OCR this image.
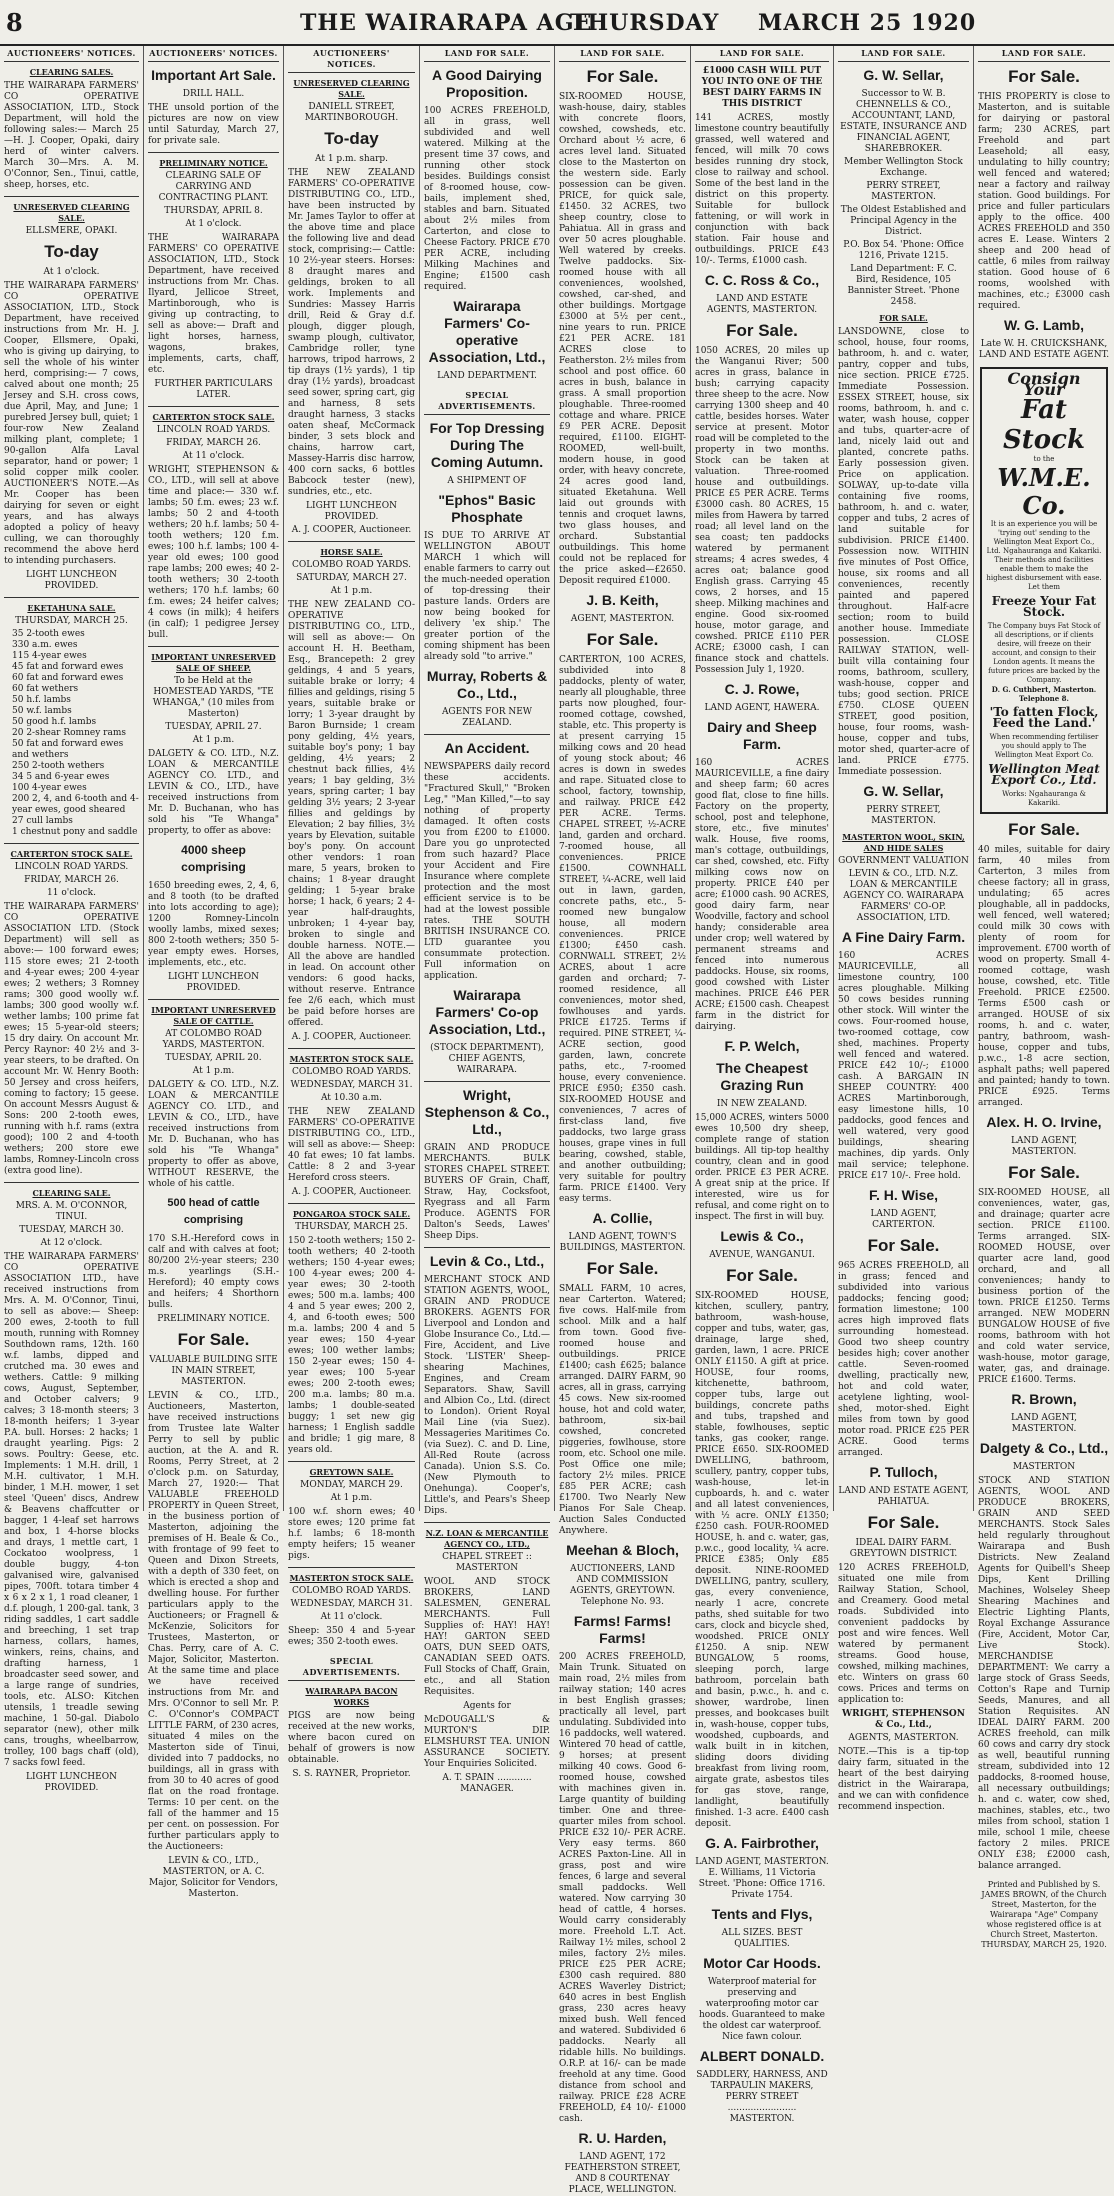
8	THE WAIRARAPA AGE
THURSDAY MARCH 25 1920
AUCTIONEERS' NOTICES.
CLEARING SALES.
THE WAIRARAPA FARMERS' CO OPERATIVE ASSOCIATION, LTD., Stock Department, will hold the following sales:— March 25—H. J. Cooper, Opaki, dairy herd of winter calvers. March 30—Mrs. A. M. O'Connor, Sen., Tinui, cattle, sheep, horses, etc.
UNRESERVED CLEARING SALE.
ELLSMERE, OPAKI.
To-day
At 1 o'clock.
THE WAIRARAPA FARMERS' CO OPERATIVE ASSOCIATION, LTD., Stock Department, have received instructions from Mr. H. J. Cooper, Ellsmere, Opaki, who is giving up dairying, to sell the whole of his winter herd, comprising:— 7 cows, calved about one month; 25 Jersey and S.H. cross cows, due April, May, and June; 1 purebred Jersey bull, quiet; 1 four-row New Zealand milking plant, complete; 1 90-gallon Alfa Laval separator, hand or power; 1 solid copper milk cooler. AUCTIONEER'S NOTE.—As Mr. Cooper has been dairying for seven or eight years, and has always adopted a policy of heavy culling, we can thoroughly recommend the above herd to intending purchasers.
LIGHT LUNCHEON PROVIDED.
EKETAHUNA SALE.
THURSDAY, MARCH 25.
35 2-tooth ewes
330 a.m. ewes
115 4-year ewes
45 fat and forward ewes
60 fat and forward ewes
60 fat wethers
50 h.f. lambs
50 w.f. lambs
50 good h.f. lambs
20 2-shear Romney rams
50 fat and forward ewes and wethers
250 2-tooth wethers
34 5 and 6-year ewes
100 4-year ewes
200 2, 4, and 6-tooth and 4-year ewes, good sheared
27 cull lambs
1 chestnut pony and saddle
CARTERTON STOCK SALE.
LINCOLN ROAD YARDS.
FRIDAY, MARCH 26.
11 o'clock.
THE WAIRARAPA FARMERS' CO OPERATIVE ASSOCIATION LTD. (Stock Department) will sell as above:— 100 forward ewes; 115 store ewes; 21 2-tooth and 4-year ewes; 200 4-year ewes; 2 wethers; 3 Romney rams; 300 good woolly w.f. lambs; 300 good woolly w.f. wether lambs; 100 prime fat ewes; 15 5-year-old steers; 15 dry dairy. On account Mr. Percy Raynor: 40 2½ and 3-year steers, to be drafted. On account Mr. W. Henry Booth: 50 Jersey and cross heifers, coming to factory; 15 geese. On account Messrs August & Sons: 200 2-tooth ewes, running with h.f. rams (extra good); 100 2 and 4-tooth wethers; 200 store ewe lambs, Romney-Lincoln cross (extra good line).
CLEARING SALE.
MRS. A. M. O'CONNOR, TINUI.
TUESDAY, MARCH 30.
At 12 o'clock.
THE WAIRARAPA FARMERS' CO OPERATIVE ASSOCIATION LTD., have received instructions from Mrs. A. M. O'Connor, Tinui, to sell as above:— Sheep: 200 ewes, 2-tooth to full mouth, running with Romney Southdown rams, 12th. 160 w.f. lambs, dipped and crutched ma. 30 ewes and wethers. Cattle: 9 milking cows, August, September, and October calvers; 9 calves; 3 18-month steers; 3 18-month heifers; 1 3-year P.A. bull. Horses: 2 hacks; 1 draught yearling. Pigs: 2 sows. Poultry: Geese, etc. Implements: 1 M.H. drill, 1 M.H. cultivator, 1 M.H. binder, 1 M.H. mower, 1 set steel 'Queen' discs, Andrew & Beavens chaffcutter or bagger, 1 4-leaf set harrows and box, 1 4-horse blocks and drays, 1 mettle cart, 1 Cockatoo woolpress, 1 double buggy, 4-ton galvanised wire, galvanised pipes, 700ft. totara timber 4 x 6 x 2 x 1, 1 road cleaner, 1 d.f. plough, 1 200-gal. tank, 3 riding saddles, 1 cart saddle and breeching, 1 set trap harness, collars, hames, winkers, reins, chains, and drafting harness, 1 broadcaster seed sower, and a large range of sundries, tools, etc. ALSO: Kitchen utensils, 1 treadle sewing machine, 1 50-gal. Diabolo separator (new), other milk cans, troughs, wheelbarrow, trolley, 100 bags chaff (old), 7 sacks fowl feed.
LIGHT LUNCHEON PROVIDED.
AUCTIONEERS' NOTICES.
Important Art Sale.
DRILL HALL.
THE unsold portion of the pictures are now on view until Saturday, March 27, for private sale.
PRELIMINARY NOTICE.
CLEARING SALE OF CARRYING AND CONTRACTING PLANT.
THURSDAY, APRIL 8.
At 1 o'clock.
THE WAIRARAPA FARMERS' CO OPERATIVE ASSOCIATION, LTD., Stock Department, have received instructions from Mr. Chas. Ilyard, Jellicoe Street, Martinborough, who is giving up contracting, to sell as above:— Draft and light horses, harness, wagons, brakes, implements, carts, chaff, etc.
FURTHER PARTICULARS LATER.
CARTERTON STOCK SALE.
LINCOLN ROAD YARDS.
FRIDAY, MARCH 26.
At 11 o'clock.
WRIGHT, STEPHENSON & CO., LTD., will sell at above time and place:— 330 w.f. lambs; 50 f.m. ewes; 23 w.f. lambs; 50 2 and 4-tooth wethers; 20 h.f. lambs; 50 4-tooth wethers; 120 f.m. ewes; 100 h.f. lambs; 100 4-year old ewes; 100 good rape lambs; 200 ewes; 40 2-tooth wethers; 30 2-tooth wethers; 170 h.f. lambs; 60 f.m. ewes; 24 heifer calves; 4 cows (in milk); 4 heifers (in calf); 1 pedigree Jersey bull.
IMPORTANT UNRESERVED SALE OF SHEEP.
To be Held at the HOMESTEAD YARDS, "TE WHANGA," (10 miles from Masterton)
TUESDAY, APRIL 27.
At 1 p.m.
DALGETY & CO. LTD., N.Z. LOAN & MERCANTILE AGENCY CO. LTD., and LEVIN & CO., LTD., have received instructions from Mr. D. Buchanan, who has sold his "Te Whanga" property, to offer as above:
4000 sheep comprising
1650 breeding ewes, 2, 4, 6, and 8 tooth (to be drafted into lots according to age); 1200 Romney-Lincoln woolly lambs, mixed sexes; 800 2-tooth wethers; 350 5-year empty ewes. Horses, implements, etc., etc.
LIGHT LUNCHEON PROVIDED.
IMPORTANT UNRESERVED SALE OF CATTLE.
AT COLOMBO ROAD YARDS, MASTERTON.
TUESDAY, APRIL 20.
At 1 p.m.
DALGETY & CO. LTD., N.Z. LOAN & MERCANTILE AGENCY CO. LTD., and LEVIN & CO., LTD., have received instructions from Mr. D. Buchanan, who has sold his "Te Whanga" property to offer as above, WITHOUT RESERVE, the whole of his cattle.
500 head of cattle comprising
170 S.H.-Hereford cows in calf and with calves at foot; 80/200 2½-year steers; 230 m.s. yearlings (S.H.-Hereford); 40 empty cows and heifers; 4 Shorthorn bulls.
PRELIMINARY NOTICE.
For Sale.
VALUABLE BUILDING SITE IN MAIN STREET, MASTERTON.
LEVIN & CO., LTD., Auctioneers, Masterton, have received instructions from Trustee late Walter Perry to sell by public auction, at the A. and R. Rooms, Perry Street, at 2 o'clock p.m. on Saturday, March 27, 1920:— That VALUABLE FREEHOLD PROPERTY in Queen Street, in the business portion of Masterton, adjoining the premises of H. Beale & Co., with frontage of 99 feet to Queen and Dixon Streets, with a depth of 330 feet, on which is erected a shop and dwelling house. For further particulars apply to the Auctioneers; or Fragnell & McKenzie, Solicitors for Trustees, Masterton, or Chas. Perry, care of A. C. Major, Solicitor, Masterton. At the same time and place we have received instructions from Mr. and Mrs. O'Connor to sell Mr. P. C. O'Connor's COMPACT LITTLE FARM, of 230 acres, situated 4 miles on the Masterton side of Tinui, divided into 7 paddocks, no buildings, all in grass with from 30 to 40 acres of good flat on the road frontage. Terms: 10 per cent. on the fall of the hammer and 15 per cent. on possession. For further particulars apply to the Auctioneers:
LEVIN & CO., LTD., MASTERTON, or A. C. Major, Solicitor for Vendors, Masterton.
AUCTIONEERS' NOTICES.
UNRESERVED CLEARING SALE.
DANIELL STREET, MARTINBOROUGH.
To-day
At 1 p.m. sharp.
THE NEW ZEALAND FARMERS' CO-OPERATIVE DISTRIBUTING CO., LTD., have been instructed by Mr. James Taylor to offer at the above time and place the following live and dead stock, comprising:— Cattle: 10 2½-year steers. Horses: 8 draught mares and geldings, broken to all work. Implements and Sundries: Massey Harris drill, Reid & Gray d.f. plough, digger plough, swamp plough, cultivator, Cambridge roller, tyne harrows, tripod harrows, 2 tip drays (1½ yards), 1 tip dray (1½ yards), broadcast seed sower, spring cart, gig and harness, 8 sets draught harness, 3 stacks oaten sheaf, McCormack binder, 3 sets block and chains, harrow cart, Massey-Harris disc harrow, 400 corn sacks, 6 bottles Babcock tester (new), sundries, etc., etc.
LIGHT LUNCHEON PROVIDED.
A. J. COOPER, Auctioneer.
HORSE SALE.
COLOMBO ROAD YARDS.
SATURDAY, MARCH 27.
At 1 p.m.
THE NEW ZEALAND CO-OPERATIVE DISTRIBUTING CO., LTD., will sell as above:— On account H. H. Beetham, Esq., Brancepeth: 2 grey geldings, 4 and 5 years, suitable brake or lorry; 4 fillies and geldings, rising 5 years, suitable brake or lorry; 1 3-year draught by Baron Burnside; 1 cream pony gelding, 4½ years, suitable boy's pony; 1 bay gelding, 4½ years; 2 chestnut back fillies, 4½ years; 1 bay gelding, 3½ years, spring carter; 1 bay gelding 3½ years; 2 3-year fillies and geldings by Elevation; 2 bay fillies, 3½ years by Elevation, suitable boy's pony. On account other vendors: 1 roan mare, 5 years, broken to chains; 1 8-year draught gelding; 1 5-year brake horse; 1 hack, 6 years; 2 4-year half-draughts, unbroken; 1 4-year bay, broken to single and double harness. NOTE.—All the above are handled in lead. On account other vendors: 6 good hacks, without reserve. Entrance fee 2/6 each, which must be paid before horses are offered.
A. J. COOPER, Auctioneer.
MASTERTON STOCK SALE.
COLOMBO ROAD YARDS.
WEDNESDAY, MARCH 31.
At 10.30 a.m.
THE NEW ZEALAND FARMERS' CO-OPERATIVE DISTRIBUTING CO., LTD., will sell as above:— Sheep: 40 fat ewes; 10 fat lambs. Cattle: 8 2 and 3-year Hereford cross steers.
A. J. COOPER, Auctioneer.
PONGAROA STOCK SALE.
THURSDAY, MARCH 25.
150 2-tooth wethers; 150 2-tooth wethers; 40 2-tooth wethers; 150 4-year ewes; 100 4-year ewes; 200 4-year ewes; 30 2-tooth ewes; 500 m.a. lambs; 400 4 and 5 year ewes; 200 2, 4, and 6-tooth ewes; 500 m.a. lambs; 200 4 and 5 year ewes; 150 4-year ewes; 100 wether lambs; 150 2-year ewes; 150 4-year ewes; 100 5-year ewes; 200 2-tooth ewes; 200 m.a. lambs; 80 m.a. lambs; 1 double-seated buggy; 1 set new gig harness; 1 English saddle and bridle; 1 gig mare, 8 years old.
GREYTOWN SALE.
MONDAY, MARCH 29.
At 1 p.m.
100 w.f. shorn ewes; 40 store ewes; 120 prime fat h.f. lambs; 6 18-month empty heifers; 15 weaner pigs.
MASTERTON STOCK SALE.
COLOMBO ROAD YARDS.
WEDNESDAY, MARCH 31.
At 11 o'clock.
Sheep: 350 4 and 5-year ewes; 350 2-tooth ewes.
SPECIAL ADVERTISEMENTS.
WAIRARAPA BACON WORKS
PIGS are now being received at the new works, where bacon cured on behalf of growers is now obtainable.
S. S. RAYNER, Proprietor.
LAND FOR SALE.
A Good Dairying Proposition.
100 ACRES FREEHOLD, all in grass, well subdivided and well watered. Milking at the present time 37 cows, and running other stock besides. Buildings consist of 8-roomed house, cow-bails, implement shed, stables and barn. Situated about 2½ miles from Carterton, and close to Cheese Factory. PRICE £70 PER ACRE, including Milking Machines and Engine; £1500 cash required.
Wairarapa Farmers' Co-operative Association, Ltd.,
LAND DEPARTMENT.
SPECIAL ADVERTISEMENTS.
For Top Dressing During The Coming Autumn.
A SHIPMENT OF
"Ephos" Basic Phosphate
IS DUE TO ARRIVE AT WELLINGTON ABOUT MARCH 1 which will enable farmers to carry out the much-needed operation of top-dressing their pasture lands. Orders are now being booked for delivery 'ex ship.' The greater portion of the coming shipment has been already sold "to arrive."
Murray, Roberts & Co., Ltd.,
AGENTS FOR NEW ZEALAND.
An Accident.
NEWSPAPERS daily record these accidents. "Fractured Skull," "Broken Leg," "Man Killed,"—to say nothing of property damaged. It often costs you from £200 to £1000. Dare you go unprotected from such hazard? Place your Accident and Fire Insurance where complete protection and the most efficient service is to be had at the lowest possible rates. THE SOUTH BRITISH INSURANCE CO. LTD guarantee you consummate protection. Full information on application.
Wairarapa Farmers' Co-op Association, Ltd.,
(STOCK DEPARTMENT), CHIEF AGENTS, WAIRARAPA.
Wright, Stephenson & Co., Ltd.,
GRAIN AND PRODUCE MERCHANTS. BULK STORES CHAPEL STREET. BUYERS OF Grain, Chaff, Straw, Hay, Cocksfoot, Ryegrass and all Farm Produce. AGENTS FOR Dalton's Seeds, Lawes' Sheep Dips.
Levin & Co., Ltd.,
MERCHANT STOCK AND STATION AGENTS, WOOL, GRAIN AND PRODUCE BROKERS. AGENTS FOR Liverpool and London and Globe Insurance Co., Ltd.—Fire, Accident, and Live Stock. 'LISTER' Sheep-shearing Machines, Engines, and Cream Separators. Shaw, Savill and Albion Co., Ltd. (direct to London). Orient Royal Mail Line (via Suez). Messageries Maritimes Co. (via Suez). C. and D. Line, All-Red Route (across Canada). Union S.S. Co. (New Plymouth to Onehunga). Cooper's, Little's, and Pears's Sheep Dips.
N.Z. LOAN & MERCANTILE AGENCY CO., LTD.,
CHAPEL STREET :: MASTERTON
WOOL AND STOCK BROKERS, LAND SALESMEN, GENERAL MERCHANTS. Full Supplies of: HAY! HAY! HAY! GARTON SEED OATS, DUN SEED OATS, CANADIAN SEED OATS. Full Stocks of Chaff, Grain, etc., and all Station Requisites.
Agents for
McDOUGALL'S & MURTON'S DIP. ELMSHURST TEA. UNION ASSURANCE SOCIETY. Your Enquiries Solicited.
A. T. SPAIN ............ MANAGER.
LAND FOR SALE.
For Sale.
SIX-ROOMED HOUSE, wash-house, dairy, stables with concrete floors, cowshed, cowsheds, etc. Orchard about ½ acre, 6 acres level land. Situated close to the Masterton on the western side. Early possession can be given. PRICE, for quick sale, £1450. 32 ACRES, two sheep country, close to Pahiatua. All in grass and over 50 acres ploughable. Well watered by creeks. Twelve paddocks. Six-roomed house with all conveniences, woolshed, cowshed, car-shed, and other buildings. Mortgage £3000 at 5½ per cent., nine years to run. PRICE £21 PER ACRE. 181 ACRES close to Featherston. 2½ miles from school and post office. 60 acres in bush, balance in grass. A small proportion ploughable. Three-roomed cottage and whare. PRICE £9 PER ACRE. Deposit required, £1100. EIGHT-ROOMED, well-built, modern house, in good order, with heavy concrete, 24 acres good land, situated Eketahuna. Well laid out grounds with tennis and croquet lawns, two glass houses, and orchard. Substantial outbuildings. This home could not be replaced for the price asked—£2650. Deposit required £1000.
J. B. Keith,
AGENT, MASTERTON.
For Sale.
CARTERTON, 100 ACRES, subdivided into 8 paddocks, plenty of water, nearly all ploughable, three parts now ploughed, four-roomed cottage, cowshed, stable, etc. This property is at present carrying 15 milking cows and 20 head of young stock about; 46 acres is down in swedes and rape. Situated close to school, factory, township, and railway. PRICE £42 PER ACRE. Terms. CHAPEL STREET, ½-ACRE land, garden and orchard. 7-roomed house, all conveniences. PRICE £1500. COWNHALL STREET, ¼-ACRE, well laid out in lawn, garden, concrete paths, etc., 5-roomed new bungalow house, all modern conveniences. PRICE £1300; £450 cash. CORNWALL STREET, 2½ ACRES, about 1 acre garden and orchard; 7-roomed residence, all conveniences, motor shed, fowlhouses and yards. PRICE £1725. Terms if required. PINE STREET, ¼-ACRE section, good garden, lawn, concrete paths, etc., 7-roomed house, every convenience. PRICE £950; £350 cash. SIX-ROOMED HOUSE and conveniences, 7 acres of first-class land, five paddocks, two large grass houses, grape vines in full bearing, cowshed, stable, and another outbuilding; very suitable for poultry farm. PRICE £1400. Very easy terms.
A. Collie,
LAND AGENT, TOWN'S BUILDINGS, MASTERTON.
For Sale.
SMALL FARM, 10 acres, near Carterton. Watered; five cows. Half-mile from school. Milk and a half from town. Good five-roomed house and outbuildings. PRICE £1400; cash £625; balance arranged. DAIRY FARM, 90 acres, all in grass, carrying 45 cows. New six-roomed house, hot and cold water, bathroom, six-bail cowshed, concreted piggeries, fowlhouse, store room, etc. School one mile. Post Office one mile; factory 2½ miles. PRICE £85 PER ACRE; cash £1700. Two Nearly New Pianos For Sale Cheap. Auction Sales Conducted Anywhere.
Meehan & Bloch,
AUCTIONEERS, LAND AND COMMISSION AGENTS, GREYTOWN. Telephone No. 93.
Farms! Farms! Farms!
200 ACRES FREEHOLD, Main Trunk. Situated on main road, 2½ miles from railway station; 140 acres in best English grasses; practically all level, part undulating. Subdivided into 16 paddocks, well watered. Wintered 70 head of cattle, 9 horses; at present milking 40 cows. Good 6-roomed house, cowshed with machines given in. Large quantity of building timber. One and three-quarter miles from school. PRICE £32 10/- PER ACRE. Very easy terms. 860 ACRES Paxton-Line. All in grass, post and wire fences, 6 large and several small paddocks. Well watered. Now carrying 30 head of cattle, 4 horses. Would carry considerably more. Freehold L.T. Act. Railway 1½ miles, school 2 miles, factory 2½ miles. PRICE £25 PER ACRE; £300 cash required. 880 ACRES Waverley District; 640 acres in best English grass, 230 acres heavy mixed bush. Well fenced and watered. Subdivided 6 paddocks. Nearly all ridable hills. No buildings. O.R.P. at 16/- can be made freehold at any time. Good distance from school and railway. PRICE £28 ACRE FREEHOLD, £4 10/- £1000 cash.
R. U. Harden,
LAND AGENT, 172 FEATHERSTON STREET, AND 8 COURTENAY PLACE, WELLINGTON.
LAND FOR SALE.
£1000 CASH WILL PUT YOU INTO ONE OF THE BEST DAIRY FARMS IN THIS DISTRICT
141 ACRES, mostly limestone country beautifully grassed, well watered and fenced, will milk 70 cows besides running dry stock, close to railway and school. Some of the best land in the district on this property. Suitable for bullock fattening, or will work in conjunction with back station. Fair house and outbuildings. PRICE £43 10/-. Terms, £1000 cash.
C. C. Ross & Co.,
LAND AND ESTATE AGENTS, MASTERTON.
For Sale.
1050 ACRES, 20 miles up the Wanganui River; 500 acres in grass, balance in bush; carrying capacity three sheep to the acre. Now carrying 1300 sheep and 40 cattle, besides horses. Water service at present. Motor road will be completed to the property in two months. Stock can be taken at valuation. Three-roomed house and outbuildings. PRICE £5 PER ACRE. Terms £3000 cash. 80 ACRES, 15 miles from Hawera by tarred road; all level land on the sea coast; ten paddocks watered by permanent streams; 4 acres swedes, 4 acres oat; balance good English grass. Carrying 45 cows, 2 horses, and 15 sheep. Milking machines and engine. Good six-roomed house, motor garage, and cowshed. PRICE £110 PER ACRE; £3000 cash, I can finance stock and chattels. Possession July 1, 1920.
C. J. Rowe,
LAND AGENT, HAWERA.
Dairy and Sheep Farm.
160 ACRES MAURICEVILLE, a fine dairy and sheep farm; 60 acres good flat, close to fine hills. Factory on the property, school, post and telephone, store, etc., five minutes' walk. House, five rooms, man's cottage, outbuildings, car shed, cowshed, etc. Fifty milking cows now on property. PRICE £40 per acre; £1000 cash. 90 ACRES, good dairy farm, near Woodville, factory and school handy; considerable area under crop; well watered by permanent streams and fenced into numerous paddocks. House, six rooms, good cowshed with Lister machines. PRICE £46 PER ACRE; £1500 cash. Cheapest farm in the district for dairying.
F. P. Welch,
The Cheapest Grazing Run
IN NEW ZEALAND.
15,000 ACRES, winters 5000 ewes 10,500 dry sheep, complete range of station buildings. All tip-top healthy country, clean and in good order. PRICE £3 PER ACRE. A great snip at the price. If interested, wire us for refusal, and come right on to inspect. The first in will buy.
Lewis & Co.,
AVENUE, WANGANUI.
For Sale.
SIX-ROOMED HOUSE, kitchen, scullery, pantry, bathroom, wash-house, copper and tubs, water, gas, drainage, large shed, garden, lawn, 1 acre. PRICE ONLY £1150. A gift at price. HOUSE, four rooms, kitchenette, bathroom, copper tubs, large out buildings, concrete paths and tubs, trapshed and stable, fowlhouses, septic tanks, gas cooker, range. PRICE £650. SIX-ROOMED DWELLING, bathroom, scullery, pantry, copper tubs, wash-house, let-in cupboards, h. and c. water and all latest conveniences, with ½ acre. ONLY £1350; £250 cash. FOUR-ROOMED HOUSE, h. and c. water, gas, p.w.c., good locality, ¼ acre. PRICE £385; Only £85 deposit. NINE-ROOMED DWELLING, pantry, scullery, gas, every convenience, nearly 1 acre, concrete paths, shed suitable for two cars, clock and bicycle shed, woodshed. PRICE ONLY £1250. A snip. NEW BUNGALOW, 5 rooms, sleeping porch, large bathroom, porcelain bath and basin, p.w.c., h. and c. shower, wardrobe, linen presses, and bookcases built in, wash-house, copper tubs, woodshed, cupboards, and walk built in in kitchen, sliding doors dividing breakfast from living room, airgate grate, asbestos tiles for gas stove, range, landlight, beautifully finished. 1-3 acre. £400 cash deposit.
G. A. Fairbrother,
LAND AGENT, MASTERTON. E. Williams, 11 Victoria Street. 'Phone: Office 1716. Private 1754.
Tents and Flys,
ALL SIZES. BEST QUALITIES.
Motor Car Hoods.
Waterproof material for preserving and waterproofing motor car hoods. Guaranteed to make the oldest car waterproof. Nice fawn colour.
ALBERT DONALD.
SADDLERY, HARNESS, AND TARPAULIN MAKERS, PERRY STREET ........................ MASTERTON.
LAND FOR SALE.
G. W. Sellar,
Successor to W. B. CHENNELLS & CO., ACCOUNTANT, LAND, ESTATE, INSURANCE AND FINANCIAL AGENT, SHAREBROKER.
Member Wellington Stock Exchange.
PERRY STREET, MASTERTON.
The Oldest Established and Principal Agency in the District.
P.O. Box 54. 'Phone: Office 1216, Private 1215.
Land Department: F. C. Bird, Residence, 105 Bannister Street. 'Phone 2458.
FOR SALE.
LANSDOWNE, close to school, house, four rooms, bathroom, h. and c. water, pantry, copper and tubs, nice section. PRICE £725. Immediate Possession. ESSEX STREET, house, six rooms, bathroom, h. and c. water, wash house, copper and tubs, quarter-acre of land, nicely laid out and planted, concrete paths. Early possession given. Price on application. SOLWAY, up-to-date villa containing five rooms, bathroom, h. and c. water, copper and tubs, 2 acres of land suitable for subdivision. PRICE £1400. Possession now. WITHIN five minutes of Post Office, house, six rooms and all conveniences, recently painted and papered throughout. Half-acre section; room to build another house. Immediate possession. CLOSE RAILWAY STATION, well-built villa containing four rooms, bathroom, scullery, wash-house, copper and tubs; good section. PRICE £750. CLOSE QUEEN STREET, good position, house, four rooms, wash-house, copper and tubs, motor shed, quarter-acre of land. PRICE £775. Immediate possession.
G. W. Sellar,
PERRY STREET, MASTERTON.
MASTERTON WOOL, SKIN, AND HIDE SALES
GOVERNMENT VALUATION
LEVIN & CO., LTD. N.Z. LOAN & MERCANTILE AGENCY CO. WAIRARAPA FARMERS' CO-OP. ASSOCIATION, LTD.
A Fine Dairy Farm.
160 ACRES MAURICEVILLE, all limestone country, 100 acres ploughable. Milking 50 cows besides running other stock. Will winter the cows. Four-roomed house, two-roomed cottage, cow shed, machines. Property well fenced and watered. PRICE £42 10/-; £1000 cash. A BARGAIN IN SHEEP COUNTRY: 400 ACRES Martinborough, easy limestone hills, 10 paddocks, good fences and well watered, very good buildings, shearing machines, dip yards. Only mail service; telephone. PRICE £17 10/-. Free hold.
F. H. Wise,
LAND AGENT, CARTERTON.
For Sale.
965 ACRES FREEHOLD, all in grass; fenced and subdivided into various paddocks; fencing good; formation limestone; 100 acres high improved flats surrounding homestead. Good two sheep country besides high; cover another cattle. Seven-roomed dwelling, practically new, hot and cold water, acetylene lighting, wool-shed, motor-shed. Eight miles from town by good motor road. PRICE £25 PER ACRE. Good terms arranged.
P. Tulloch,
LAND AND ESTATE AGENT, PAHIATUA.
For Sale.
IDEAL DAIRY FARM. GREYTOWN DISTRICT.
120 ACRES FREEHOLD, situated one mile from Railway Station, School, and Creamery. Good metal roads. Subdivided into convenient paddocks by post and wire fences. Well watered by permanent streams. Good house, cowshed, milking machines, etc. Winters on grass 60 cows. Prices and terms on application to:
WRIGHT, STEPHENSON & Co., Ltd.,
AGENTS, MASTERTON.
NOTE.—This is a tip-top dairy farm, situated in the heart of the best dairying district in the Wairarapa, and we can with confidence recommend inspection.
LAND FOR SALE.
For Sale.
THIS PROPERTY is close to Masterton, and is suitable for dairying or pastoral farm; 230 ACRES, part Freehold and part Leasehold; all easy, undulating to hilly country; well fenced and watered; near a factory and railway station. Good buildings. For price and fuller particulars apply to the office. 400 ACRES FREEHOLD and 350 acres E. Lease. Winters 2 sheep and 200 head of cattle, 6 miles from railway station. Good house of 6 rooms, woolshed with machines, etc.; £3000 cash required.
W. G. Lamb,
Late W. H. CRUICKSHANK, LAND AND ESTATE AGENT.
Consign Your
Fat Stock
to the
W.M.E. Co.
It is an experience you will be 'trying out' sending to the Wellington Meat Export Co., Ltd. Ngahauranga and Kakariki. Their methods and facilities enable them to make the highest disbursement with ease. Let them
Freeze Your Fat Stock.
The Company buys Fat Stock of all descriptions, or if clients desire, will freeze on their account, and consign to their London agents. It means the future prices are backed by the Company.
D. G. Cuthbert, Masterton. Telephone 8.
'To fatten Flock, Feed the Land.'
When recommending fertiliser you should apply to The Wellington Meat Export Co.
Wellington Meat Export Co., Ltd.
Works: Ngahauranga & Kakariki.
For Sale.
40 miles, suitable for dairy farm, 40 miles from Carterton, 3 miles from cheese factory; all in grass, undulating; 65 acres ploughable, all in paddocks, well fenced, well watered; could milk 30 cows with plenty of room for improvement. £700 worth of wood on property. Small 4-roomed cottage, wash house, cowshed, etc. Title Freehold. PRICE £2500. Terms £500 cash or arranged. HOUSE of six rooms, h. and c. water, pantry, bathroom, wash-house, copper and tubs, p.w.c., 1-8 acre section, asphalt paths; well papered and painted; handy to town. PRICE £925. Terms arranged.
Alex. H. O. Irvine,
LAND AGENT, MASTERTON.
For Sale.
SIX-ROOMED HOUSE, all conveniences, water, gas, and drainage; quarter acre section. PRICE £1100. Terms arranged. SIX-ROOMED HOUSE, over quarter acre land, good orchard, and all conveniences; handy to business portion of the town. PRICE £1250. Terms arranged. NEW MODERN BUNGALOW HOUSE of five rooms, bathroom with hot and cold water service, wash-house, motor garage, water, gas, and drainage. PRICE £1600. Terms.
R. Brown,
LAND AGENT, MASTERTON.
Dalgety & Co., Ltd.,
MASTERTON
STOCK AND STATION AGENTS, WOOL AND PRODUCE BROKERS, GRAIN AND SEED MERCHANTS. Stock Sales held regularly throughout Wairarapa and Bush Districts. New Zealand Agents for Quibell's Sheep Dips, Kent Drilling Machines, Wolseley Sheep Shearing Machines and Electric Lighting Plants, Royal Exchange Assurance (Fire, Accident, Motor Car, Live Stock). MERCHANDISE DEPARTMENT: We carry a large stock of Grass Seeds, Cotton's Rape and Turnip Seeds, Manures, and all Station Requisites. AN IDEAL DAIRY FARM. 200 ACRES freehold, can milk 60 cows and carry dry stock as well, beautiful running stream, subdivided into 12 paddocks, 8-roomed house, all necessary outbuildings; h. and c. water, cow shed, machines, stables, etc., two miles from school, station 1 mile, school 1 mile, cheese factory 2 miles. PRICE ONLY £38; £2000 cash, balance arranged.
Printed and Published by S. JAMES BROWN, of the Church Street, Masterton, for the Wairarapa "Age" Company whose registered office is at Church Street, Masterton. THURSDAY, MARCH 25, 1920.
